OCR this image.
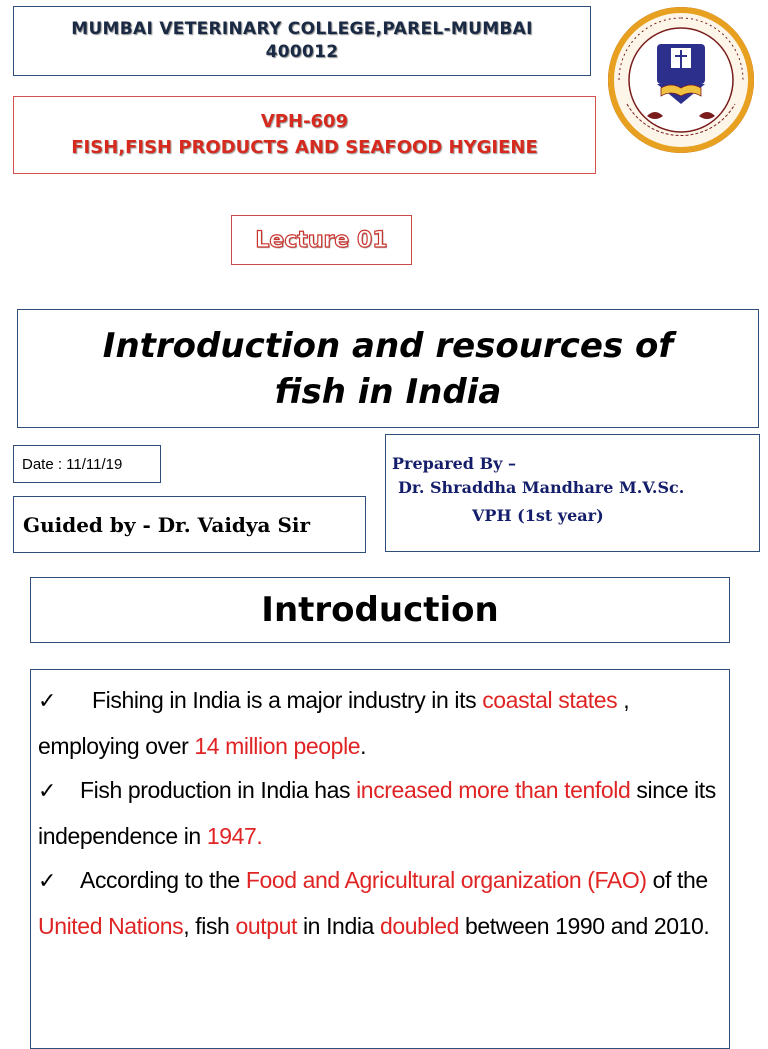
MUMBAI VETERINARY COLLEGE,PAREL-MUMBAI 400012
VPH-609
FISH,FISH PRODUCTS AND SEAFOOD HYGIENE
Lecture 01
Introduction and resources of
fish in India
Date : 11/11/19	Prepared By –
Dr. Shraddha Mandhare M.V.Sc.
VPH (1st year)
Guided by - Dr. Vaidya Sir
Introduction

✓ Fishing in India is a major industry in its coastal states , employing over 14 million people.

✓ Fish production in India has increased more than tenfold since its independence in 1947.

✓ According to the Food and Agricultural organization (FAO) of the United Nations, fish output in India doubled between 1990 and 2010.
